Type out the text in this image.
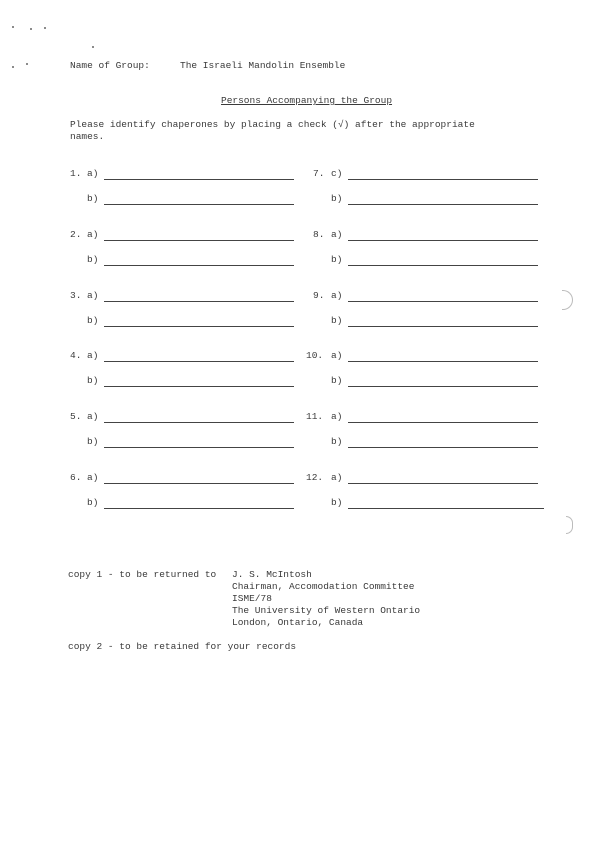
Name of Group:	The Israeli Mandolin Ensemble
Persons Accompanying the Group
Please identify chaperones by placing a check (√) after the appropriate
names.
1. a)
b)
7. c)
b)
2. a)
b)
8. a)
b)
3. a)
b)
9. a)
b)
4. a)
b)
10. a)
b)
5. a)
b)
11. a)
b)
6. a)
b)
12. a)
b)
copy 1 - to be returned to J. S. McIntosh
Chairman, Accomodation Committee
ISME/78
The University of Western Ontario
London, Ontario, Canada
copy 2 - to be retained for your records
